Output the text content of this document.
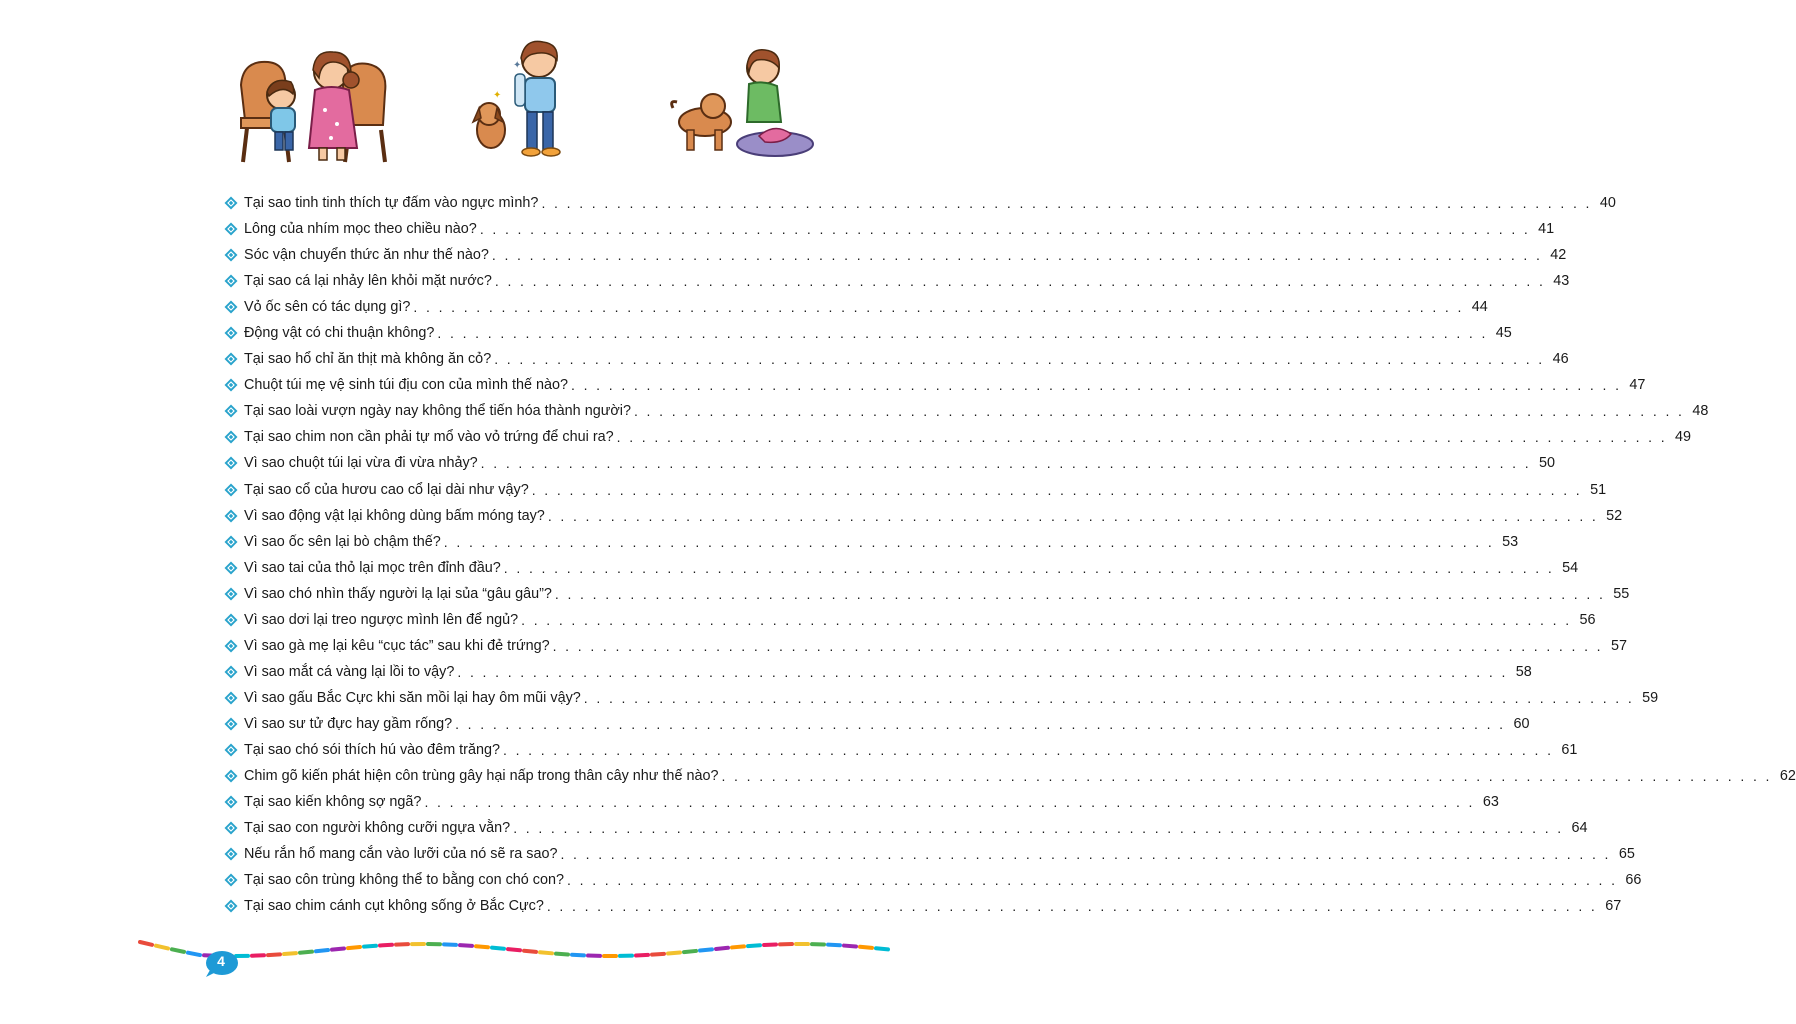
✦
✦
Tại sao tinh tinh thích tự đấm vào ngực mình? . . . . . . . . . . . . . . . . . . . . . . . . . . . . . . . . . . . . . . . . . . . . . . . . . . . . . . . . . . . . . . . . . . . . . . . . . . . . . . . . . . . . 40
Lông của nhím mọc theo chiều nào? . . . . . . . . . . . . . . . . . . . . . . . . . . . . . . . . . . . . . . . . . . . . . . . . . . . . . . . . . . . . . . . . . . . . . . . . . . . . . . . . . . . . 41
Sóc vận chuyển thức ăn như thế nào? . . . . . . . . . . . . . . . . . . . . . . . . . . . . . . . . . . . . . . . . . . . . . . . . . . . . . . . . . . . . . . . . . . . . . . . . . . . . . . . . . . . . 42
Tại sao cá lại nhảy lên khỏi mặt nước? . . . . . . . . . . . . . . . . . . . . . . . . . . . . . . . . . . . . . . . . . . . . . . . . . . . . . . . . . . . . . . . . . . . . . . . . . . . . . . . . . . . . 43
Vỏ ốc sên có tác dụng gì? . . . . . . . . . . . . . . . . . . . . . . . . . . . . . . . . . . . . . . . . . . . . . . . . . . . . . . . . . . . . . . . . . . . . . . . . . . . . . . . . . . . . 44
Động vật có chi thuận không? . . . . . . . . . . . . . . . . . . . . . . . . . . . . . . . . . . . . . . . . . . . . . . . . . . . . . . . . . . . . . . . . . . . . . . . . . . . . . . . . . . . . 45
Tại sao hổ chỉ ăn thịt mà không ăn cỏ? . . . . . . . . . . . . . . . . . . . . . . . . . . . . . . . . . . . . . . . . . . . . . . . . . . . . . . . . . . . . . . . . . . . . . . . . . . . . . . . . . . . . 46
Chuột túi mẹ vệ sinh túi địu con của mình thế nào? . . . . . . . . . . . . . . . . . . . . . . . . . . . . . . . . . . . . . . . . . . . . . . . . . . . . . . . . . . . . . . . . . . . . . . . . . . . . . . . . . . . . 47
Tại sao loài vượn ngày nay không thể tiến hóa thành người? . . . . . . . . . . . . . . . . . . . . . . . . . . . . . . . . . . . . . . . . . . . . . . . . . . . . . . . . . . . . . . . . . . . . . . . . . . . . . . . . . . . . 48
Tại sao chim non cần phải tự mổ vào vỏ trứng để chui ra? . . . . . . . . . . . . . . . . . . . . . . . . . . . . . . . . . . . . . . . . . . . . . . . . . . . . . . . . . . . . . . . . . . . . . . . . . . . . . . . . . . . . 49
Vì sao chuột túi lại vừa đi vừa nhảy? . . . . . . . . . . . . . . . . . . . . . . . . . . . . . . . . . . . . . . . . . . . . . . . . . . . . . . . . . . . . . . . . . . . . . . . . . . . . . . . . . . . . 50
Tại sao cổ của hươu cao cổ lại dài như vậy? . . . . . . . . . . . . . . . . . . . . . . . . . . . . . . . . . . . . . . . . . . . . . . . . . . . . . . . . . . . . . . . . . . . . . . . . . . . . . . . . . . . . 51
Vì sao động vật lại không dùng bấm móng tay? . . . . . . . . . . . . . . . . . . . . . . . . . . . . . . . . . . . . . . . . . . . . . . . . . . . . . . . . . . . . . . . . . . . . . . . . . . . . . . . . . . . . 52
Vì sao ốc sên lại bò chậm thế? . . . . . . . . . . . . . . . . . . . . . . . . . . . . . . . . . . . . . . . . . . . . . . . . . . . . . . . . . . . . . . . . . . . . . . . . . . . . . . . . . . . . 53
Vì sao tai của thỏ lại mọc trên đỉnh đầu? . . . . . . . . . . . . . . . . . . . . . . . . . . . . . . . . . . . . . . . . . . . . . . . . . . . . . . . . . . . . . . . . . . . . . . . . . . . . . . . . . . . . 54
Vì sao chó nhìn thấy người lạ lại sủa “gâu gâu”? . . . . . . . . . . . . . . . . . . . . . . . . . . . . . . . . . . . . . . . . . . . . . . . . . . . . . . . . . . . . . . . . . . . . . . . . . . . . . . . . . . . . 55
Vì sao dơi lại treo ngược mình lên để ngủ? . . . . . . . . . . . . . . . . . . . . . . . . . . . . . . . . . . . . . . . . . . . . . . . . . . . . . . . . . . . . . . . . . . . . . . . . . . . . . . . . . . . . 56
Vì sao gà mẹ lại kêu “cục tác” sau khi đẻ trứng? . . . . . . . . . . . . . . . . . . . . . . . . . . . . . . . . . . . . . . . . . . . . . . . . . . . . . . . . . . . . . . . . . . . . . . . . . . . . . . . . . . . . 57
Vì sao mắt cá vàng lại lồi to vậy? . . . . . . . . . . . . . . . . . . . . . . . . . . . . . . . . . . . . . . . . . . . . . . . . . . . . . . . . . . . . . . . . . . . . . . . . . . . . . . . . . . . . 58
Vì sao gấu Bắc Cực khi săn mồi lại hay ôm mũi vậy? . . . . . . . . . . . . . . . . . . . . . . . . . . . . . . . . . . . . . . . . . . . . . . . . . . . . . . . . . . . . . . . . . . . . . . . . . . . . . . . . . . . . 59
Vì sao sư tử đực hay gầm rống? . . . . . . . . . . . . . . . . . . . . . . . . . . . . . . . . . . . . . . . . . . . . . . . . . . . . . . . . . . . . . . . . . . . . . . . . . . . . . . . . . . . . 60
Tại sao chó sói thích hú vào đêm trăng? . . . . . . . . . . . . . . . . . . . . . . . . . . . . . . . . . . . . . . . . . . . . . . . . . . . . . . . . . . . . . . . . . . . . . . . . . . . . . . . . . . . . 61
Chim gõ kiến phát hiện côn trùng gây hại nấp trong thân cây như thế nào? . . . . . . . . . . . . . . . . . . . . . . . . . . . . . . . . . . . . . . . . . . . . . . . . . . . . . . . . . . . . . . . . . . . . . . . . . . . . . . . . . . . . 62
Tại sao kiến không sợ ngã? . . . . . . . . . . . . . . . . . . . . . . . . . . . . . . . . . . . . . . . . . . . . . . . . . . . . . . . . . . . . . . . . . . . . . . . . . . . . . . . . . . . . 63
Tại sao con người không cưỡi ngựa vằn? . . . . . . . . . . . . . . . . . . . . . . . . . . . . . . . . . . . . . . . . . . . . . . . . . . . . . . . . . . . . . . . . . . . . . . . . . . . . . . . . . . . . 64
Nếu rắn hổ mang cắn vào lưỡi của nó sẽ ra sao? . . . . . . . . . . . . . . . . . . . . . . . . . . . . . . . . . . . . . . . . . . . . . . . . . . . . . . . . . . . . . . . . . . . . . . . . . . . . . . . . . . . . 65
Tại sao côn trùng không thể to bằng con chó con? . . . . . . . . . . . . . . . . . . . . . . . . . . . . . . . . . . . . . . . . . . . . . . . . . . . . . . . . . . . . . . . . . . . . . . . . . . . . . . . . . . . . 66
Tại sao chim cánh cụt không sống ở Bắc Cực? . . . . . . . . . . . . . . . . . . . . . . . . . . . . . . . . . . . . . . . . . . . . . . . . . . . . . . . . . . . . . . . . . . . . . . . . . . . . . . . . . . . . 67
4
